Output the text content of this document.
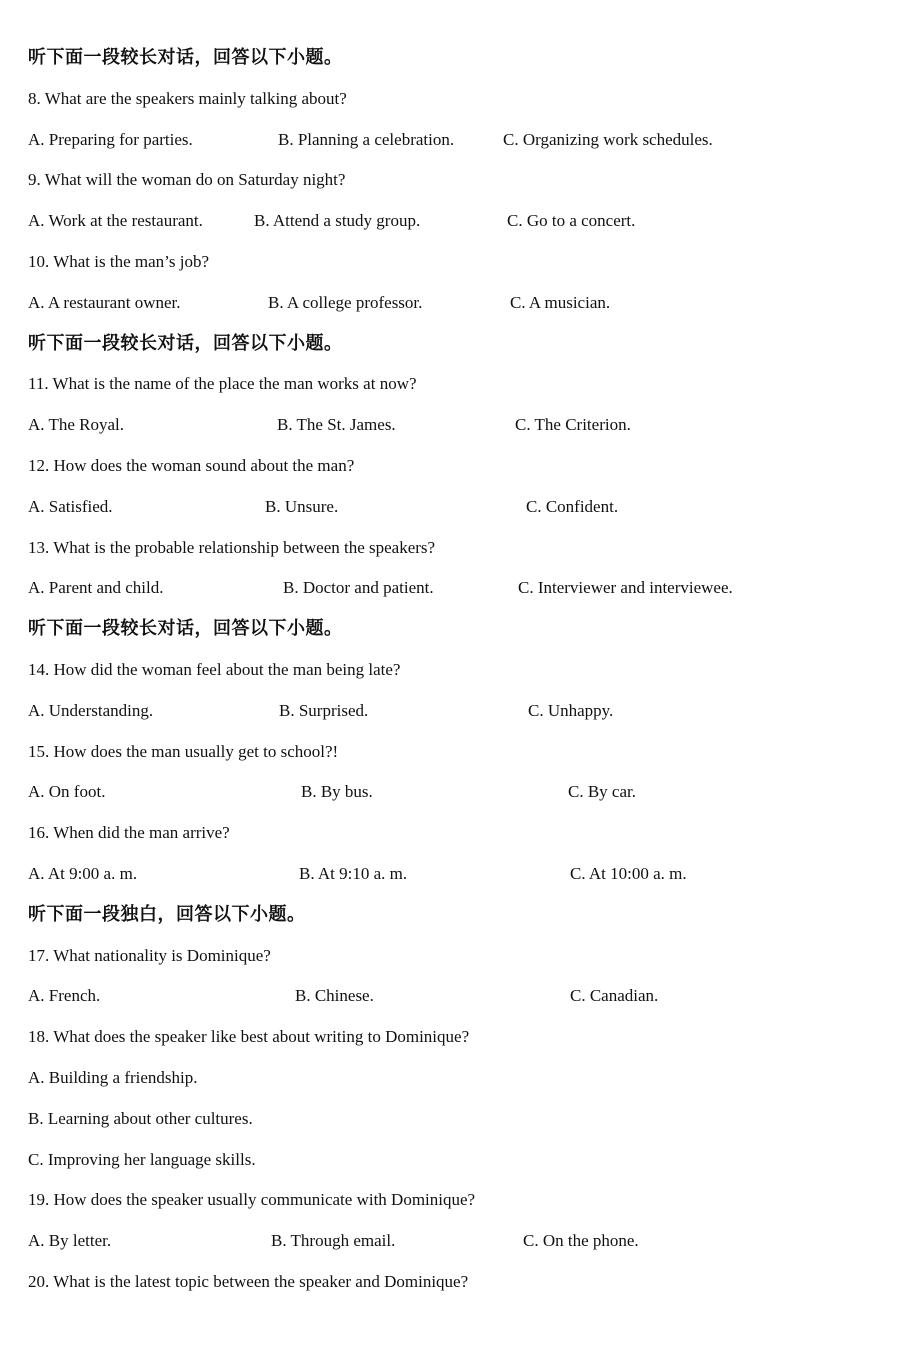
听下面一段较长对话，回答以下小题。
8. What are the speakers mainly talking about?
A. Preparing for parties.	B. Planning a celebration.	C. Organizing work schedules.
9. What will the woman do on Saturday night?
A. Work at the restaurant.	B. Attend a study group.	C. Go to a concert.
10. What is the man’s job?
A. A restaurant owner.	B. A college professor.	C. A musician.
听下面一段较长对话，回答以下小题。
11. What is the name of the place the man works at now?
A. The Royal.	B. The St. James.	C. The Criterion.
12. How does the woman sound about the man?
A. Satisfied.	B. Unsure.	C. Confident.
13. What is the probable relationship between the speakers?
A. Parent and child.	B. Doctor and patient.	C. Interviewer and interviewee.
听下面一段较长对话，回答以下小题。
14. How did the woman feel about the man being late?
A. Understanding.	B. Surprised.	C. Unhappy.
15. How does the man usually get to school?!
A. On foot.	B. By bus.	C. By car.
16. When did the man arrive?
A. At 9:00 a. m.	B. At 9:10 a. m.	C. At 10:00 a. m.
听下面一段独白，回答以下小题。
17. What nationality is Dominique?
A. French.	B. Chinese.	C. Canadian.
18. What does the speaker like best about writing to Dominique?
A. Building a friendship.
B. Learning about other cultures.
C. Improving her language skills.
19. How does the speaker usually communicate with Dominique?
A. By letter.	B. Through email.	C. On the phone.
20. What is the latest topic between the speaker and Dominique?
